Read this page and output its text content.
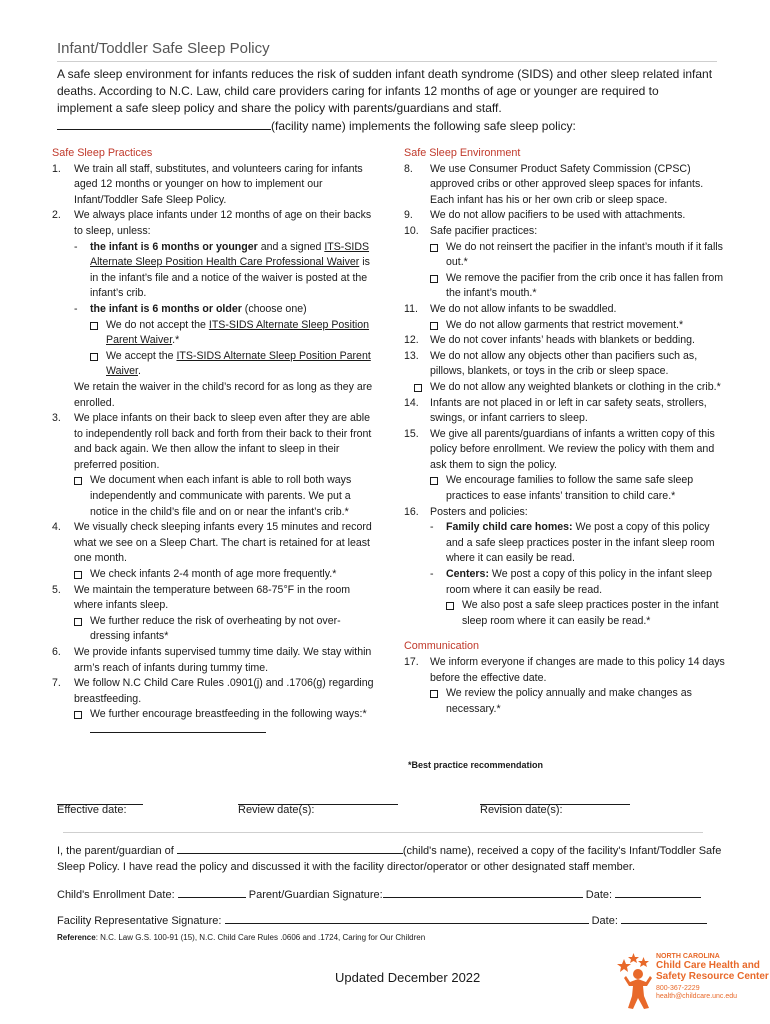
Infant/Toddler Safe Sleep Policy
A safe sleep environment for infants reduces the risk of sudden infant death syndrome (SIDS) and other sleep related infant deaths. According to N.C. Law, child care providers caring for infants 12 months of age or younger are required to implement a safe sleep policy and share the policy with parents/guardians and staff.
(facility name) implements the following safe sleep policy:
Safe Sleep Practices
1. We train all staff, substitutes, and volunteers caring for infants aged 12 months or younger on how to implement our Infant/Toddler Safe Sleep Policy.
2. We always place infants under 12 months of age on their backs to sleep, unless:
- the infant is 6 months or younger and a signed ITS-SIDS Alternate Sleep Position Health Care Professional Waiver is in the infant’s file and a notice of the waiver is posted at the infant’s crib.
- the infant is 6 months or older (choose one)
We do not accept the ITS-SIDS Alternate Sleep Position Parent Waiver.*
We accept the ITS-SIDS Alternate Sleep Position Parent Waiver.
We retain the waiver in the child’s record for as long as they are enrolled.
3. We place infants on their back to sleep even after they are able to independently roll back and forth from their back to their front and back again. We then allow the infant to sleep in their preferred position.
We document when each infant is able to roll both ways independently and communicate with parents. We put a notice in the child’s file and on or near the infant’s crib.*
4. We visually check sleeping infants every 15 minutes and record what we see on a Sleep Chart. The chart is retained for at least one month.
We check infants 2-4 month of age more frequently.*
5. We maintain the temperature between 68-75°F in the room where infants sleep.
We further reduce the risk of overheating by not over-dressing infants*
6. We provide infants supervised tummy time daily. We stay within arm’s reach of infants during tummy time.
7. We follow N.C Child Care Rules .0901(j) and .1706(g) regarding breastfeeding.
We further encourage breastfeeding in the following ways:*
Safe Sleep Environment
8. We use Consumer Product Safety Commission (CPSC) approved cribs or other approved sleep spaces for infants. Each infant has his or her own crib or sleep space.
9. We do not allow pacifiers to be used with attachments.
10. Safe pacifier practices:
We do not reinsert the pacifier in the infant’s mouth if it falls out.*
We remove the pacifier from the crib once it has fallen from the infant’s mouth.*
11. We do not allow infants to be swaddled.
We do not allow garments that restrict movement.*
12. We do not cover infants’ heads with blankets or bedding.
13. We do not allow any objects other than pacifiers such as, pillows, blankets, or toys in the crib or sleep space.
We do not allow any weighted blankets or clothing in the crib.*
14. Infants are not placed in or left in car safety seats, strollers, swings, or infant carriers to sleep.
15. We give all parents/guardians of infants a written copy of this policy before enrollment. We review the policy with them and ask them to sign the policy.
We encourage families to follow the same safe sleep practices to ease infants’ transition to child care.*
16. Posters and policies:
- Family child care homes: We post a copy of this policy and a safe sleep practices poster in the infant sleep room where it can easily be read.
- Centers: We post a copy of this policy in the infant sleep room where it can easily be read.
We also post a safe sleep practices poster in the infant sleep room where it can easily be read.*
Communication
17. We inform everyone if changes are made to this policy 14 days before the effective date.
We review the policy annually and make changes as necessary.*
*Best practice recommendation
Effective date:	Review date(s):	Revision date(s):
I, the parent/guardian of	(child's name), received a copy of the facility's Infant/Toddler Safe Sleep Policy. I have read the policy and discussed it with the facility director/operator or other designated staff member.
Child's Enrollment Date:	Parent/Guardian Signature:	Date:
Facility Representative Signature:	Date:
Reference: N.C. Law G.S. 100-91 (15), N.C. Child Care Rules .0606 and .1724, Caring for Our Children
Updated December 2022
NORTH CAROLINA
Child Care Health and
Safety Resource Center
800-367-2229
health@childcare.unc.edu
